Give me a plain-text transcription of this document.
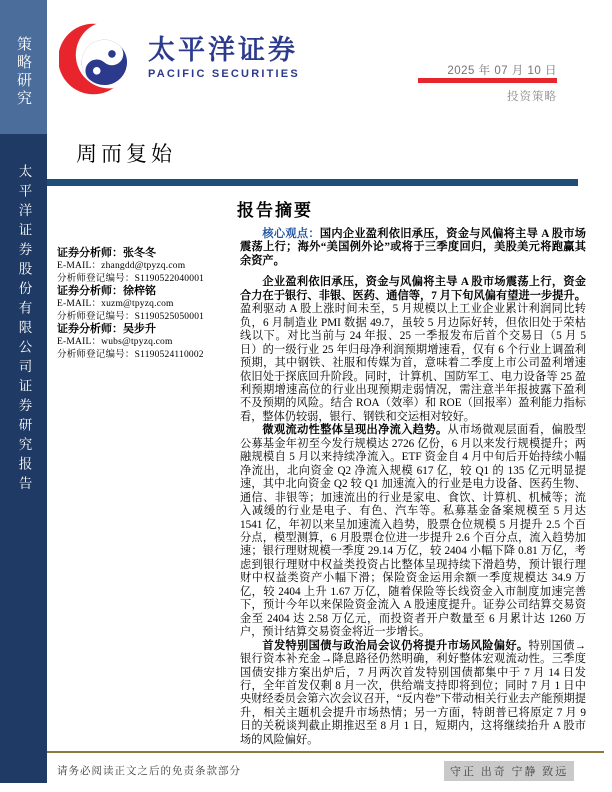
策略研究
太平洋证券股份有限公司证券研究报告
太平洋证券
PACIFIC SECURITIES	2025 年 07 月 10 日
投资策略
周而复始
报告摘要
证券分析师：张冬冬
E-MAIL：zhangdd@tpyzq.com
分析师登记编号：S1190522040001
证券分析师：徐梓铭
E-MAIL：xuzm@tpyzq.com
分析师登记编号：S1190525050001
证券分析师：吴步升
E-MAIL：wubs@tpyzq.com
分析师登记编号：S1190524110002

核心观点：国内企业盈利依旧承压，资金与风偏将主导 A 股市场震荡上行；海外“美国例外论”或将于三季度回归，美股美元将跑赢其余资产。

企业盈利依旧承压，资金与风偏将主导 A 股市场震荡上行，资金合力在于银行、非银、医药、通信等，7 月下旬风偏有望进一步提升。盈利驱动 A 股上涨时间未至，5 月规模以上工业企业累计利润同比转负，6 月制造业 PMI 数据 49.7，虽较 5 月边际好转，但依旧处于荣枯线以下。对比当前与 24 年报、25 一季报发布后首个交易日（5 月 5 日）的一级行业 25 年归母净利润预期增速看，仅有 6 个行业上调盈利预期，其中钢铁、社服和传媒为首，意味着二季度上市公司盈利增速依旧处于探底回升阶段。同时，计算机、国防军工、电力设备等 25 盈利预期增速高位的行业出现预期走弱情况，需注意半年报披露下盈利不及预期的风险。结合 ROA（效率）和 ROE（回报率）盈利能力指标看，整体仍较弱，银行、钢铁和交运相对较好。

微观流动性整体呈现出净流入趋势。从市场微观层面看，偏股型公募基金年初至今发行规模达 2726 亿份，6 月以来发行规模提升；两融规模自 5 月以来持续净流入。ETF 资金自 4 月中旬后开始持续小幅净流出，北向资金 Q2 净流入规模 617 亿，较 Q1 的 135 亿元明显提速，其中北向资金 Q2 较 Q1 加速流入的行业是电力设备、医药生物、通信、非银等；加速流出的行业是家电、食饮、计算机、机械等；流入减缓的行业是电子、有色、汽车等。私募基金备案规模至 5 月达 1541 亿，年初以来呈加速流入趋势，股票仓位规模 5 月提升 2.5 个百分点，模型测算，6 月股票仓位进一步提升 2.6 个百分点，流入趋势加速；银行理财规模一季度 29.14 万亿，较 2404 小幅下降 0.81 万亿，考虑到银行理财中权益类投资占比整体呈现持续下滑趋势，预计银行理财中权益类资产小幅下滑；保险资金运用余额一季度规模达 34.9 万亿，较 2404 上升 1.67 万亿，随着保险等长线资金入市制度加速完善下，预计今年以来保险资金流入 A 股速度提升。证券公司结算交易资金至 2404 达 2.58 万亿元，而投资者开户数量至 6 月累计达 1260 万户，预计结算交易资金将近一步增长。

首发特别国债与政治局会议仍将提升市场风险偏好。特别国债→银行资本补充金→降息路径仍然明确，利好整体宏观流动性。三季度国债安排方案出炉后，7 月两次首发特别国债都集中于 7 月 14 日发行，全年首发仅剩 8 月一次，供给端支持即将到位；同时 7 月 1 日中央财经委员会第六次会议召开，“反内卷”下带动相关行业去产能预期提升，相关主题机会提升市场热情；另一方面，特朗普已将原定 7 月 9 日的关税谈判截止期推迟至 8 月 1 日，短期内，这将继续抬升 A 股市场的风险偏好。

请务必阅读正文之后的免责条款部分	守正 出奇 宁静 致远
